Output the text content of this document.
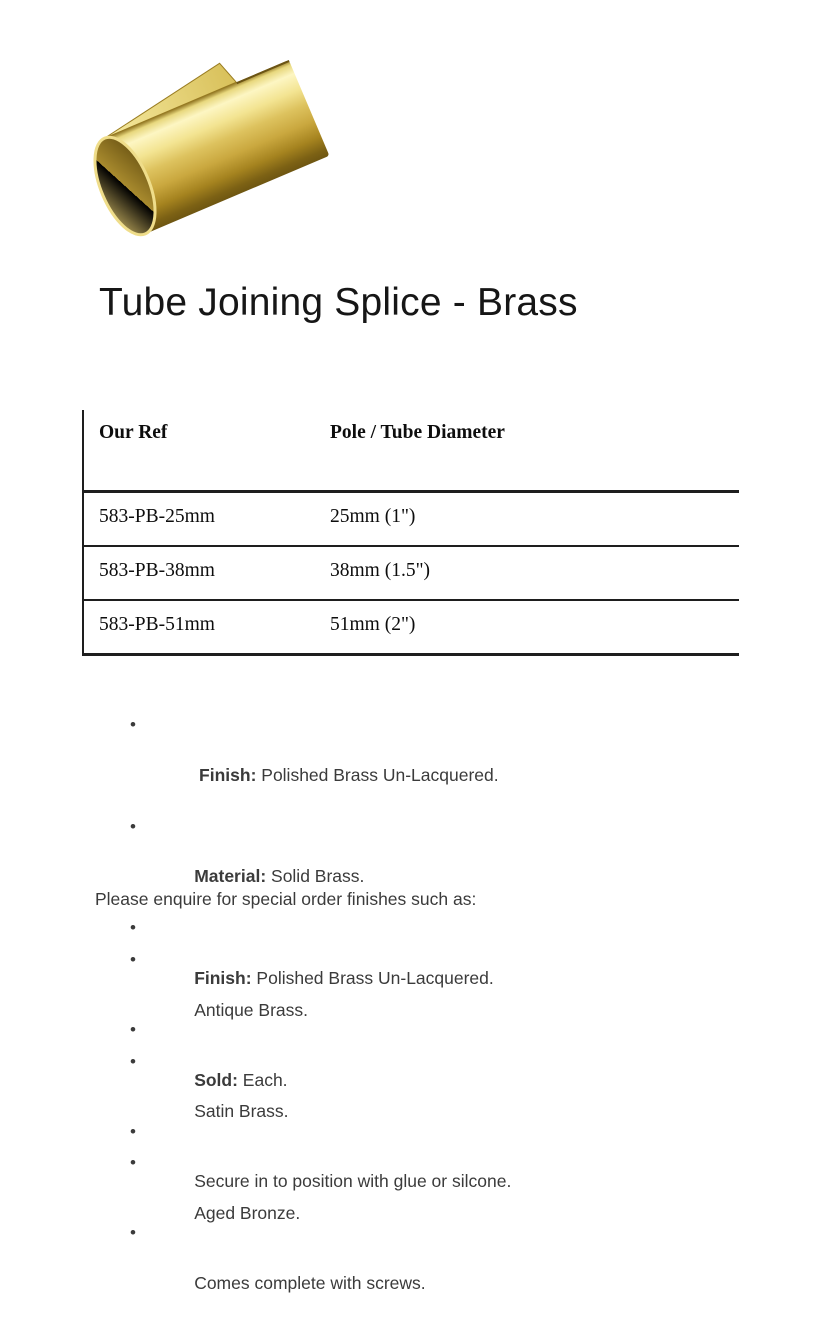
Tube Joining Splice - Brass
Our Ref	Pole / Tube Diameter
583-PB-25mm	25mm (1")
583-PB-38mm	38mm (1.5")
583-PB-51mm	51mm (2")

•

Finish: Polished Brass Un-Lacquered.

•

Material: Solid Brass.

•

Finish: Polished Brass Un-Lacquered.

•

Sold: Each.

•

Secure in to position with glue or silcone.

•

Comes complete with screws.

Please enquire for special order finishes such as:

•

Antique Brass.

•

Satin Brass.

•

Aged Bronze.
